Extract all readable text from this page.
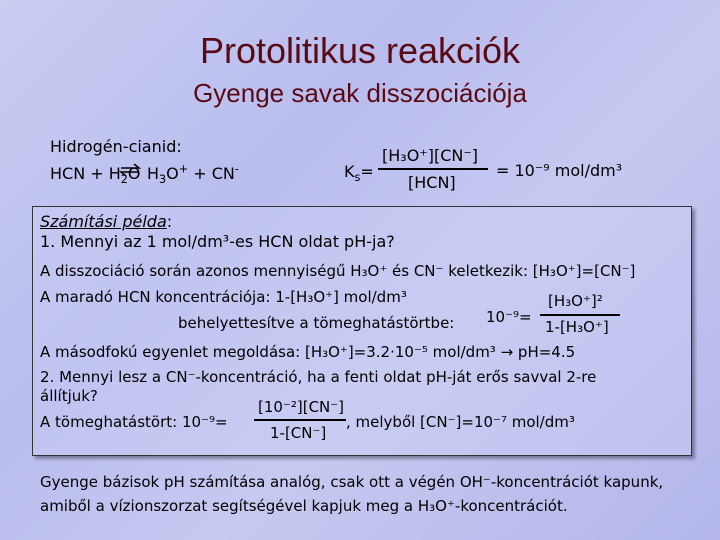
Protolitikus reakciók
Gyenge savak disszociációja
Hidrogén-cianid:
HCN + $H_2O$ ⇌ $H_3O^+ + CN^-$	$K_s=$
[H₃O⁺][CN⁻]
[HCN]
= 10⁻⁹ mol/dm³
Számítási példa:
1. Mennyi az 1 mol/dm³-es HCN oldat pH-ja?
A disszociáció során azonos mennyiségű H₃O⁺ és CN⁻ keletkezik: [H₃O⁺]=[CN⁻]
A maradó HCN koncentrációja: 1-[H₃O⁺] mol/dm³
behelyettesítve a tömeghatástörtbe: 10⁻⁹=
[H₃O⁺]²
1-[H₃O⁺]
A másodfokú egyenlet megoldása: [H₃O⁺]=3.2·10⁻⁵ mol/dm³ → pH=4.5
2. Mennyi lesz a CN⁻-koncentráció, ha a fenti oldat pH-ját erős savval 2-re
állítjuk?
A tömeghatástört: 10⁻⁹=
[10⁻²][CN⁻]
1-[CN⁻]
, melyből [CN⁻]=10⁻⁷ mol/dm³
Gyenge bázisok pH számítása analóg, csak ott a végén OH⁻-koncentrációt kapunk,
amiből a vízionszorzat segítségével kapjuk meg a H₃O⁺-koncentrációt.
